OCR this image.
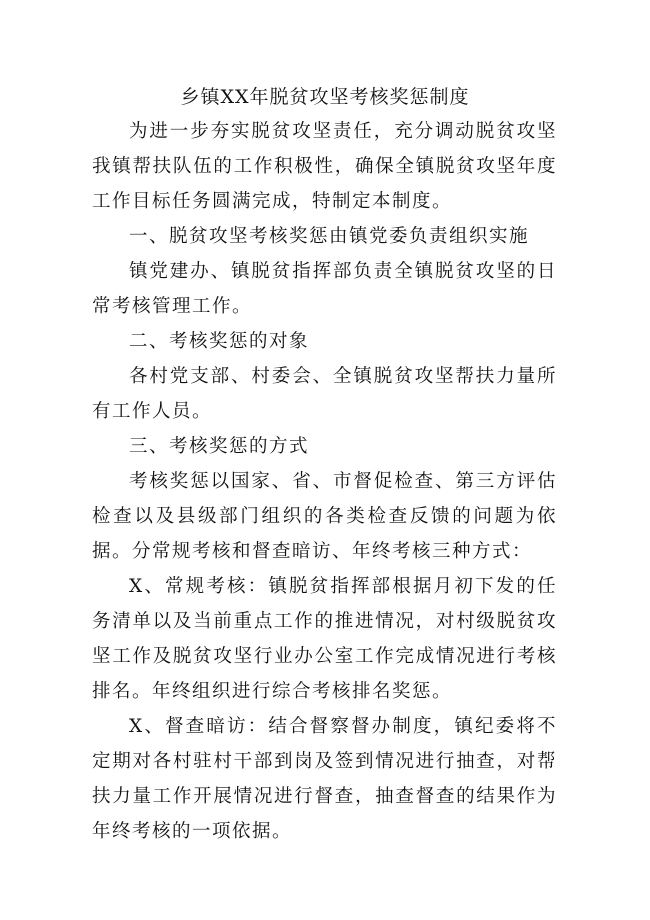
乡镇XX年脱贫攻坚考核奖惩制度

为进一步夯实脱贫攻坚责任，充分调动脱贫攻坚我镇帮扶队伍的工作积极性，确保全镇脱贫攻坚年度工作目标任务圆满完成，特制定本制度。

一、脱贫攻坚考核奖惩由镇党委负责组织实施

镇党建办、镇脱贫指挥部负责全镇脱贫攻坚的日常考核管理工作。

二、考核奖惩的对象

各村党支部、村委会、全镇脱贫攻坚帮扶力量所有工作人员。

三、考核奖惩的方式

考核奖惩以国家、省、市督促检查、第三方评估检查以及县级部门组织的各类检查反馈的问题为依据。分常规考核和督查暗访、年终考核三种方式：

X、常规考核：镇脱贫指挥部根据月初下发的任务清单以及当前重点工作的推进情况，对村级脱贫攻坚工作及脱贫攻坚行业办公室工作完成情况进行考核排名。年终组织进行综合考核排名奖惩。

X、督查暗访：结合督察督办制度，镇纪委将不定期对各村驻村干部到岗及签到情况进行抽查，对帮扶力量工作开展情况进行督查，抽查督查的结果作为年终考核的一项依据。
